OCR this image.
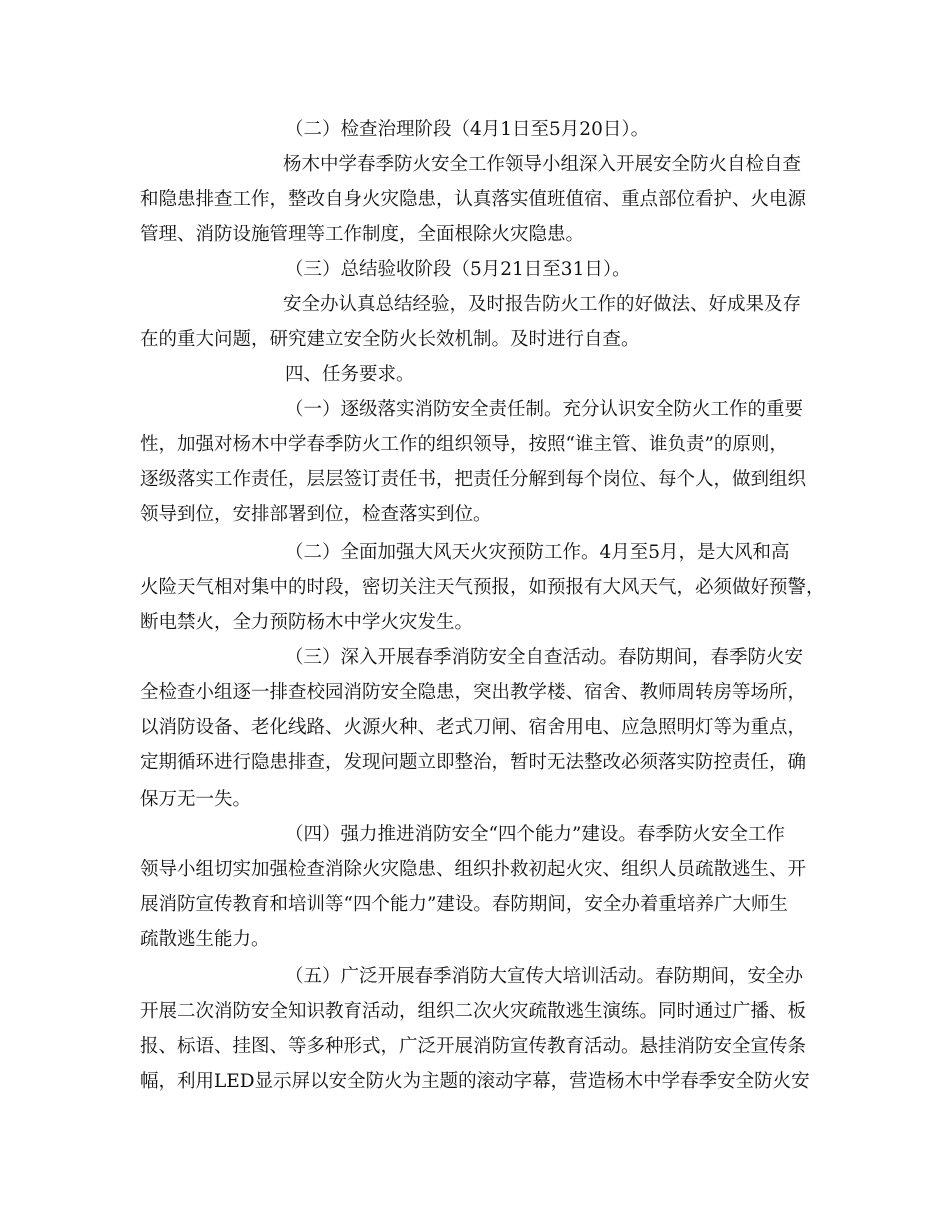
（二）检查治理阶段（4月1日至5月20日）。
杨木中学春季防火安全工作领导小组深入开展安全防火自检自查
和隐患排查工作，整改自身火灾隐患，认真落实值班值宿、重点部位看护、火电源
管理、消防设施管理等工作制度，全面根除火灾隐患。
（三）总结验收阶段（5月21日至31日）。
安全办认真总结经验，及时报告防火工作的好做法、好成果及存
在的重大问题，研究建立安全防火长效机制。及时进行自查。
四、任务要求。
（一）逐级落实消防安全责任制。充分认识安全防火工作的重要
性，加强对杨木中学春季防火工作的组织领导，按照“谁主管、谁负责”的原则，
逐级落实工作责任，层层签订责任书，把责任分解到每个岗位、每个人，做到组织
领导到位，安排部署到位，检查落实到位。
（二）全面加强大风天火灾预防工作。4月至5月，是大风和高
火险天气相对集中的时段，密切关注天气预报，如预报有大风天气，必须做好预警，
断电禁火，全力预防杨木中学火灾发生。
（三）深入开展春季消防安全自查活动。春防期间，春季防火安
全检查小组逐一排查校园消防安全隐患，突出教学楼、宿舍、教师周转房等场所，
以消防设备、老化线路、火源火种、老式刀闸、宿舍用电、应急照明灯等为重点，
定期循环进行隐患排查，发现问题立即整治，暂时无法整改必须落实防控责任，确
保万无一失。
（四）强力推进消防安全“四个能力”建设。春季防火安全工作
领导小组切实加强检查消除火灾隐患、组织扑救初起火灾、组织人员疏散逃生、开
展消防宣传教育和培训等“四个能力”建设。春防期间，安全办着重培养广大师生
疏散逃生能力。
（五）广泛开展春季消防大宣传大培训活动。春防期间，安全办
开展二次消防安全知识教育活动，组织二次火灾疏散逃生演练。同时通过广播、板
报、标语、挂图、等多种形式，广泛开展消防宣传教育活动。悬挂消防安全宣传条
幅，利用LED显示屏以安全防火为主题的滚动字幕，营造杨木中学春季安全防火安
